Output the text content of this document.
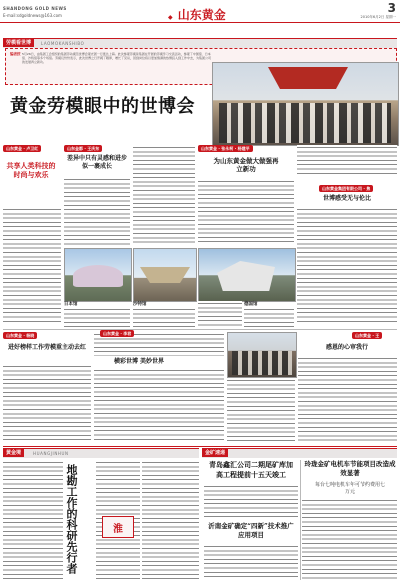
SHANDONG GOLD NEWS
E-mail:sdgoldnews@163.com	◆ 山东黄金	3
2010年6月2日 星期一
劳模看世博	LAOMOKANSHIBO
编者按 5月26日，由集团工会组织的集团劳动模范世博会观光团一行抵达上海。此次参观劳模是集团在开展的劳模学习交流活动，参观了中国馆、日本馆、沙特馆等多个场馆。劳模们纷纷表示，此次世博之行开阔了眼界，增长了见识，回到岗位将以更加饱满的热情投入到工作中去，为集团公司的发展再立新功。
黄金劳模眼中的世博会
山东黄金 · 卢卫红
共享人类科技的时尚与欢乐
山东金都 · 王庆东
差异中只有灵感和进步似一裹成长
山东黄金 · 张永柯 · 杨建平
为山东黄金做大做强再立新功
山东黄金集团有限公司 · 焦
世博感受无与伦比
日本馆	沙特馆	德国馆
山东黄金 · 杨晓
进好榜样工作劳模重主动去红
山东黄金 · 李君
横彩世博 美妙世界
山东黄金 · 王
感恩的心审我行
黄金境	HUANGJINHUN
地勘工作的科研先行者	淮
金矿速递
青岛鑫汇公司二期尾矿库加高工程提前十五天竣工
沂南金矿确定“四新”技术推广应用项目
玲珑金矿电机车节能项目改造成效显著
每台七吨电机车年可节约费用七万元
